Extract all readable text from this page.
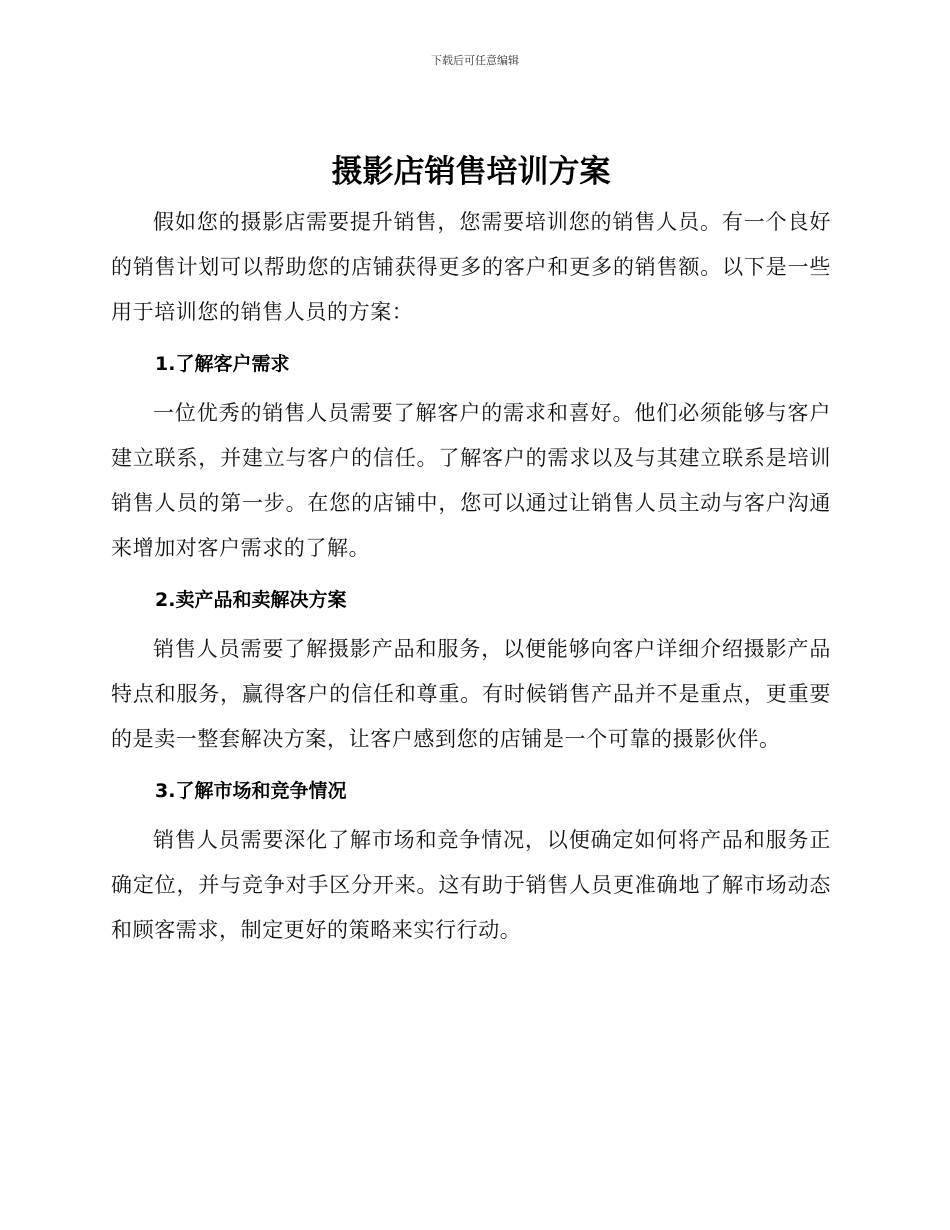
下载后可任意编辑
摄影店销售培训方案

假如您的摄影店需要提升销售，您需要培训您的销售人员。有一个良好的销售计划可以帮助您的店铺获得更多的客户和更多的销售额。以下是一些用于培训您的销售人员的方案：

1.了解客户需求

一位优秀的销售人员需要了解客户的需求和喜好。他们必须能够与客户建立联系，并建立与客户的信任。了解客户的需求以及与其建立联系是培训销售人员的第一步。在您的店铺中，您可以通过让销售人员主动与客户沟通来增加对客户需求的了解。

2.卖产品和卖解决方案

销售人员需要了解摄影产品和服务，以便能够向客户详细介绍摄影产品特点和服务，赢得客户的信任和尊重。有时候销售产品并不是重点，更重要的是卖一整套解决方案，让客户感到您的店铺是一个可靠的摄影伙伴。

3.了解市场和竞争情况

销售人员需要深化了解市场和竞争情况，以便确定如何将产品和服务正确定位，并与竞争对手区分开来。这有助于销售人员更准确地了解市场动态和顾客需求，制定更好的策略来实行行动。
